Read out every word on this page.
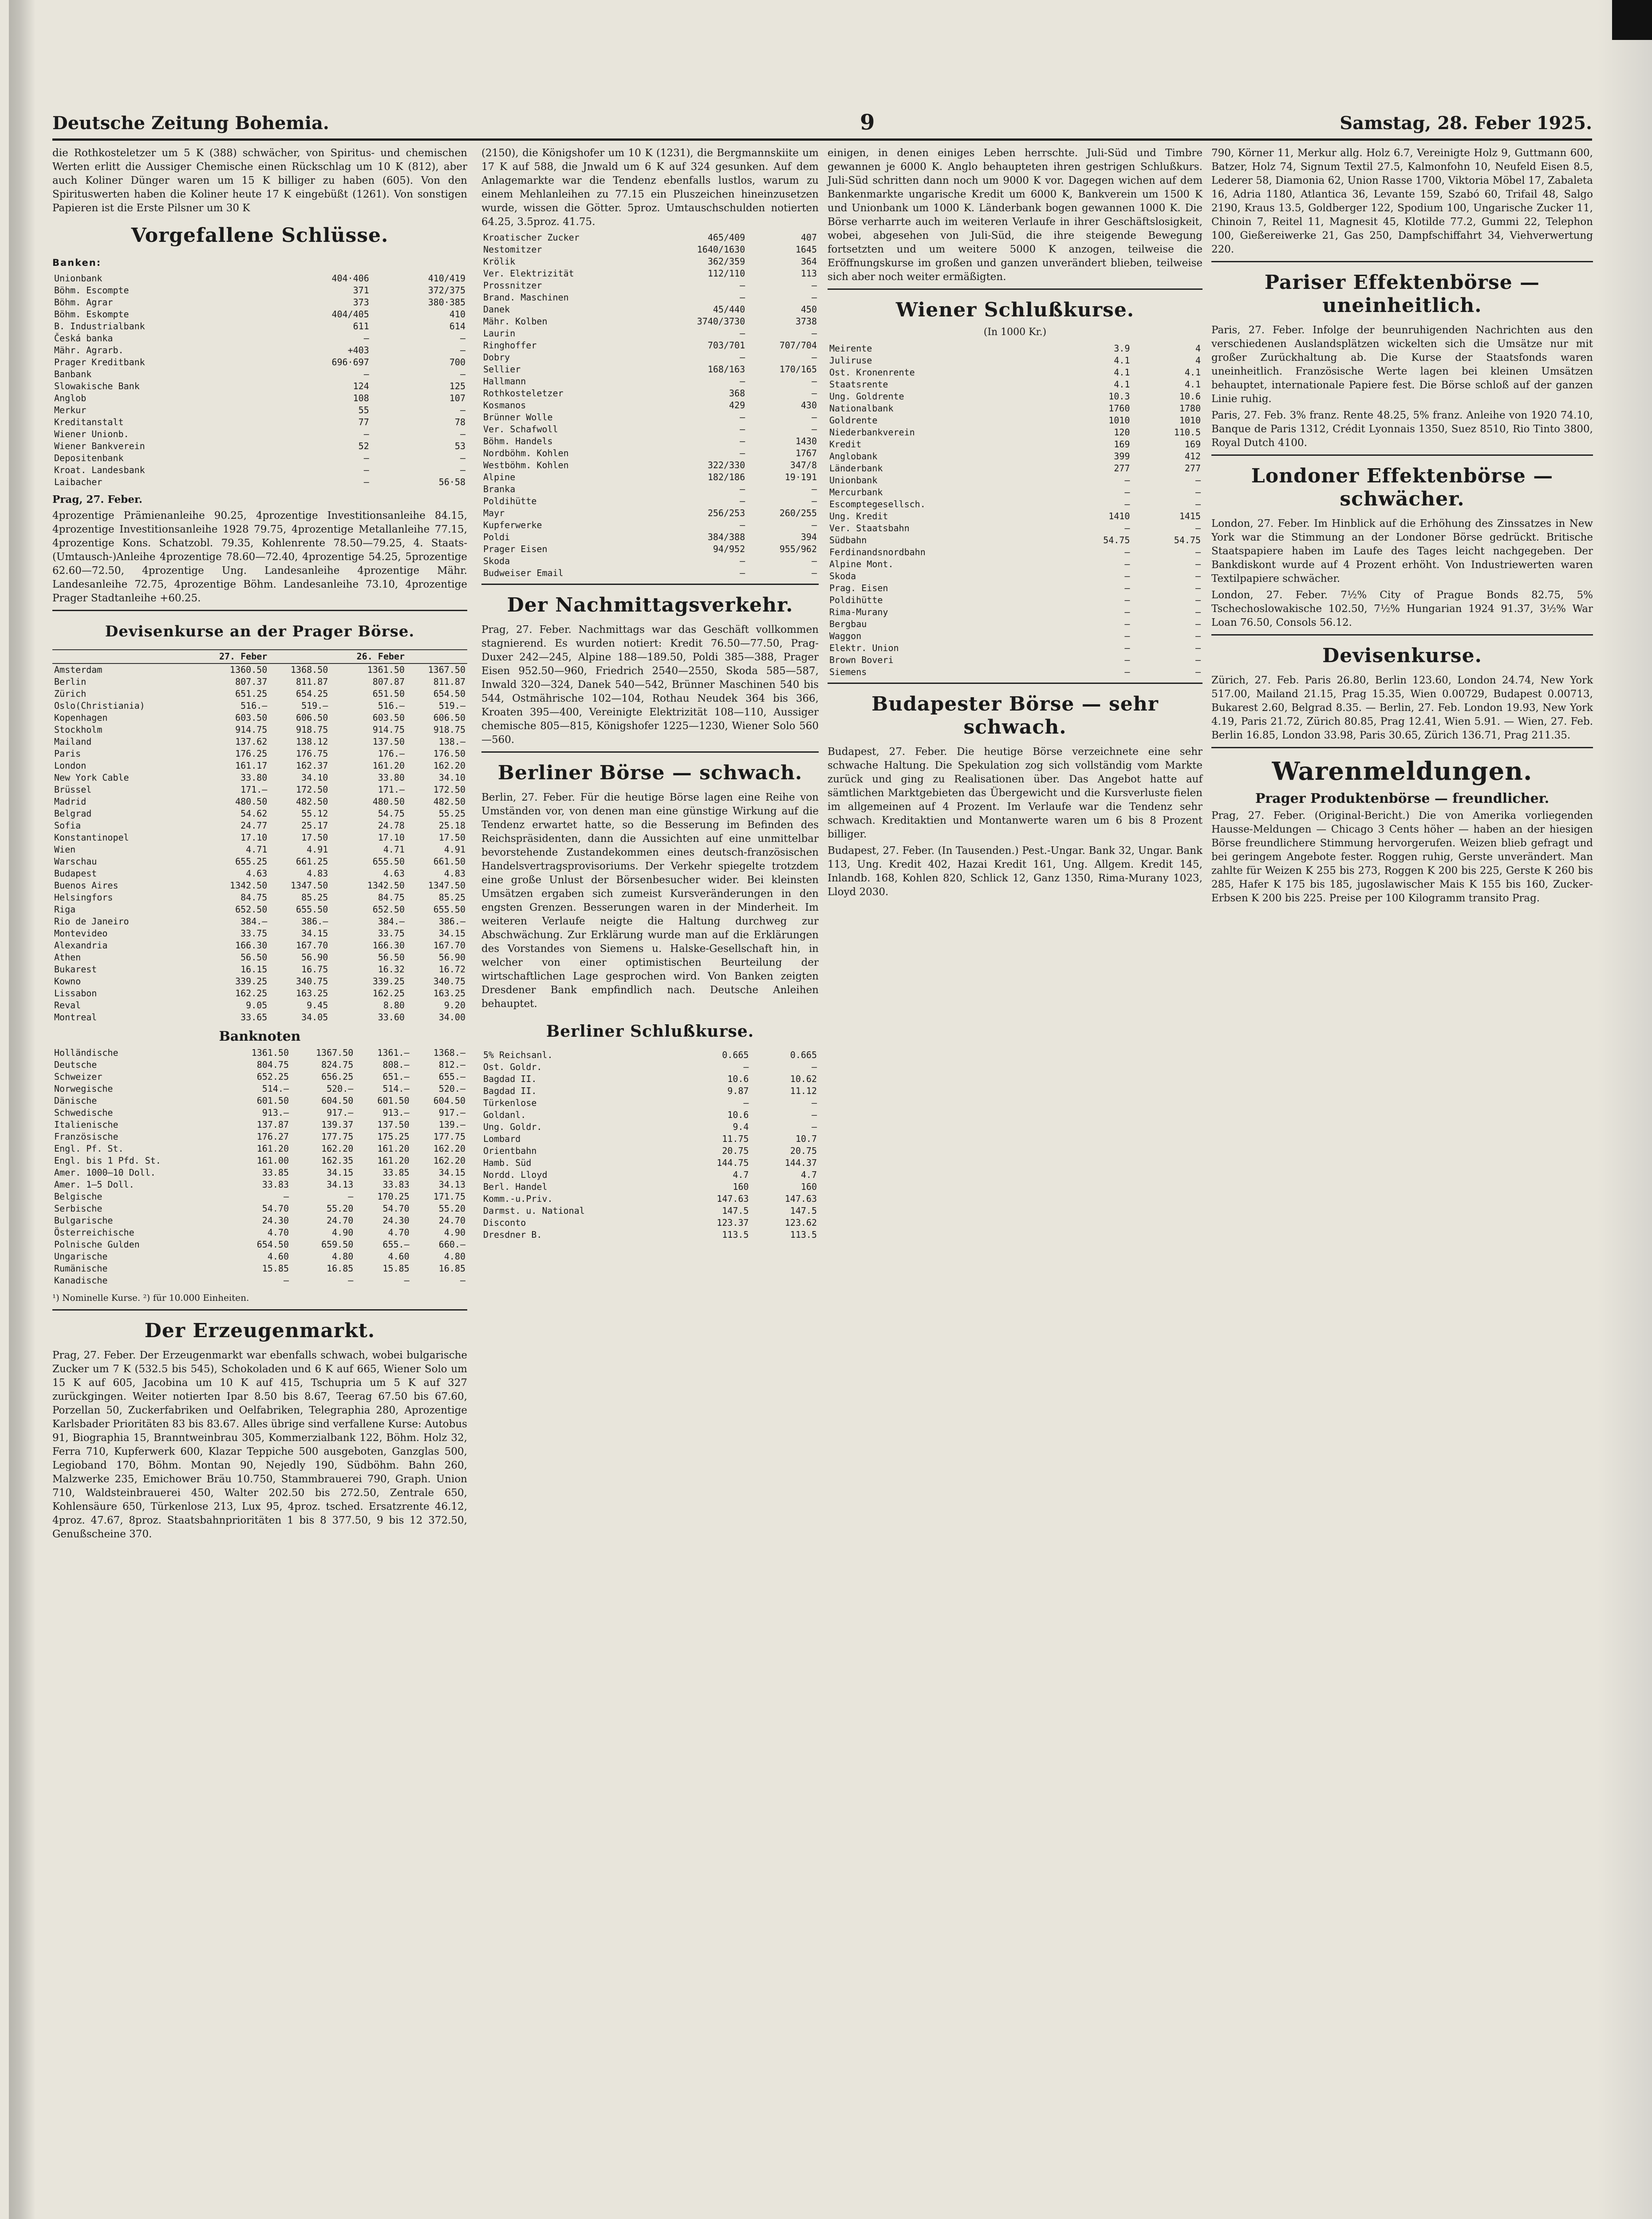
Deutsche Zeitung Bohemia.	9	Samstag, 28. Feber 1925.

die Rothkosteletzer um 5 K (388) schwächer, von Spiritus- und chemischen Werten erlitt die Aussiger Chemische einen Rückschlag um 10 K (812), aber auch Koliner Dünger waren um 15 K billiger zu haben (605). Von den Spirituswerten haben die Koliner heute 17 K eingebüßt (1261). Von sonstigen Papieren ist die Erste Pilsner um 30 K

Vorgefallene Schlüsse.
Banken:
Unionbank	404·406	410/419
Böhm. Escompte	371	372/375
Böhm. Agrar	373	380·385
Böhm. Eskompte	404/405	410
B. Industrialbank	611	614
Česká banka	—	—
Mähr. Agrarb.	+403	—
Prager Kreditbank	696·697	700
Banbank	—	—
Slowakische Bank	124	125
Anglob	108	107
Merkur	55	—
Kreditanstalt	77	78
Wiener Unionb.	—	—
Wiener Bankverein	52	53
Depositenbank	—	—
Kroat. Landesbank	—	—
Laibacher	—	56·58

Prag, 27. Feber.

4prozentige Prämienanleihe 90.25, 4prozentige Investitionsanleihe 84.15, 4prozentige Investitionsanleihe 1928 79.75, 4prozentige Metallanleihe 77.15, 4prozentige Kons. Schatzobl. 79.35, Kohlenrente 78.50—79.25, 4. Staats-(Umtausch-)Anleihe 4prozentige 78.60—72.40, 4prozentige 54.25, 5prozentige 62.60—72.50, 4prozentige Ung. Landesanleihe 4prozentige Mähr. Landesanleihe 72.75, 4prozentige Böhm. Landesanleihe 73.10, 4prozentige Prager Stadtanleihe +60.25.

Devisenkurse an der Prager Börse.
	27. Feber		26. Feber	
Amsterdam	1360.50	1368.50	1361.50	1367.50
Berlin	807.37	811.87	807.87	811.87
Zürich	651.25	654.25	651.50	654.50
Oslo(Christiania)	516.—	519.—	516.—	519.—
Kopenhagen	603.50	606.50	603.50	606.50
Stockholm	914.75	918.75	914.75	918.75
Mailand	137.62	138.12	137.50	138.—
Paris	176.25	176.75	176.—	176.50
London	161.17	162.37	161.20	162.20
New York Cable	33.80	34.10	33.80	34.10
Brüssel	171.—	172.50	171.—	172.50
Madrid	480.50	482.50	480.50	482.50
Belgrad	54.62	55.12	54.75	55.25
Sofia	24.77	25.17	24.78	25.18
Konstantinopel	17.10	17.50	17.10	17.50
Wien	4.71	4.91	4.71	4.91
Warschau	655.25	661.25	655.50	661.50
Budapest	4.63	4.83	4.63	4.83
Buenos Aires	1342.50	1347.50	1342.50	1347.50
Helsingfors	84.75	85.25	84.75	85.25
Riga	652.50	655.50	652.50	655.50
Rio de Janeiro	384.—	386.—	384.—	386.—
Montevideo	33.75	34.15	33.75	34.15
Alexandria	166.30	167.70	166.30	167.70
Athen	56.50	56.90	56.50	56.90
Bukarest	16.15	16.75	16.32	16.72
Kowno	339.25	340.75	339.25	340.75
Lissabon	162.25	163.25	162.25	163.25
Reval	9.05	9.45	8.80	9.20
Montreal	33.65	34.05	33.60	34.00
Banknoten
Holländische	1361.50	1367.50	1361.—	1368.—
Deutsche	804.75	824.75	808.—	812.—
Schweizer	652.25	656.25	651.—	655.—
Norwegische	514.—	520.—	514.—	520.—
Dänische	601.50	604.50	601.50	604.50
Schwedische	913.—	917.—	913.—	917.—
Italienische	137.87	139.37	137.50	139.—
Französische	176.27	177.75	175.25	177.75
Engl. Pf. St.	161.20	162.20	161.20	162.20
Engl. bis 1 Pfd. St.	161.00	162.35	161.20	162.20
Amer. 1000—10 Doll.	33.85	34.15	33.85	34.15
Amer. 1—5 Doll.	33.83	34.13	33.83	34.13
Belgische	—	—	170.25	171.75
Serbische	54.70	55.20	54.70	55.20
Bulgarische	24.30	24.70	24.30	24.70
Österreichische	4.70	4.90	4.70	4.90
Polnische Gulden	654.50	659.50	655.—	660.—
Ungarische	4.60	4.80	4.60	4.80
Rumänische	15.85	16.85	15.85	16.85
Kanadische	—	—	—	—
¹) Nominelle Kurse. ²) für 10.000 Einheiten.
Der Erzeugenmarkt.

Prag, 27. Feber. Der Erzeugenmarkt war ebenfalls schwach, wobei bulgarische Zucker um 7 K (532.5 bis 545), Schokoladen und 6 K auf 665, Wiener Solo um 15 K auf 605, Jacobina um 10 K auf 415, Tschupria um 5 K auf 327 zurückgingen. Weiter notierten Ipar 8.50 bis 8.67, Teerag 67.50 bis 67.60, Porzellan 50, Zuckerfabriken und Oelfabriken, Telegraphia 280, Aprozentige Karlsbader Prioritäten 83 bis 83.67. Alles übrige sind verfallene Kurse: Autobus 91, Biographia 15, Branntweinbrau 305, Kommerzialbank 122, Böhm. Holz 32, Ferra 710, Kupferwerk 600, Klazar Teppiche 500 ausgeboten, Ganzglas 500, Legioband 170, Böhm. Montan 90, Nejedly 190, Südböhm. Bahn 260, Malzwerke 235, Emichower Bräu 10.750, Stammbrauerei 790, Graph. Union 710, Waldsteinbrauerei 450, Walter 202.50 bis 272.50, Zentrale 650, Kohlensäure 650, Türkenlose 213, Lux 95, 4proz. tsched. Ersatzrente 46.12, 4proz. 47.67, 8proz. Staatsbahnprioritäten 1 bis 8 377.50, 9 bis 12 372.50, Genußscheine 370.

(2150), die Königshofer um 10 K (1231), die Bergmannskiite um 17 K auf 588, die Jnwald um 6 K auf 324 gesunken. Auf dem Anlagemarkte war die Tendenz ebenfalls lustlos, warum zu einem Mehlanleihen zu 77.15 ein Pluszeichen hineinzusetzen wurde, wissen die Götter. 5proz. Umtauschschulden notierten 64.25, 3.5proz. 41.75.

Kroatischer Zucker	465/409	407
Nestomitzer	1640/1630	1645
Krölik	362/359	364
Ver. Elektrizität	112/110	113
Prossnitzer	—	—
Brand. Maschinen	—	—
Danek	45/440	450
Mähr. Kolben	3740/3730	3738
Laurin	—	—
Ringhoffer	703/701	707/704
Dobry	—	—
Sellier	168/163	170/165
Hallmann	—	—
Rothkosteletzer	368	—
Kosmanos	429	430
Brünner Wolle	—	—
Ver. Schafwoll	—	—
Böhm. Handels	—	1430
Nordböhm. Kohlen	—	1767
Westböhm. Kohlen	322/330	347/8
Alpine	182/186	19·191
Branka	—	—
Poldihütte	—	—
Mayr	256/253	260/255
Kupferwerke	—	—
Poldi	384/388	394
Prager Eisen	94/952	955/962
Skoda	—	—
Budweiser Email	—	—
Der Nachmittagsverkehr.

Prag, 27. Feber. Nachmittags war das Geschäft vollkommen stagnierend. Es wurden notiert: Kredit 76.50—77.50, Prag-Duxer 242—245, Alpine 188—189.50, Poldi 385—388, Prager Eisen 952.50—960, Friedrich 2540—2550, Skoda 585—587, Inwald 320—324, Danek 540—542, Brünner Maschinen 540 bis 544, Ostmährische 102—104, Rothau Neudek 364 bis 366, Kroaten 395—400, Vereinigte Elektrizität 108—110, Aussiger chemische 805—815, Königshofer 1225—1230, Wiener Solo 560—560.

Berliner Börse — schwach.

Berlin, 27. Feber. Für die heutige Börse lagen eine Reihe von Umständen vor, von denen man eine günstige Wirkung auf die Tendenz erwartet hatte, so die Besserung im Befinden des Reichspräsidenten, dann die Aussichten auf eine unmittelbar bevorstehende Zustandekommen eines deutsch-französischen Handelsvertragsprovisoriums. Der Verkehr spiegelte trotzdem eine große Unlust der Börsenbesucher wider. Bei kleinsten Umsätzen ergaben sich zumeist Kursveränderungen in den engsten Grenzen. Besserungen waren in der Minderheit. Im weiteren Verlaufe neigte die Haltung durchweg zur Abschwächung. Zur Erklärung wurde man auf die Erklärungen des Vorstandes von Siemens u. Halske-Gesellschaft hin, in welcher von einer optimistischen Beurteilung der wirtschaftlichen Lage gesprochen wird. Von Banken zeigten Dresdener Bank empfindlich nach. Deutsche Anleihen behauptet.

Berliner Schlußkurse.
5% Reichsanl.	0.665	0.665
Ost. Goldr.	—	—
Bagdad II.	10.6	10.62
Bagdad II.	9.87	11.12
Türkenlose	—	—
Goldanl.	10.6	—
Ung. Goldr.	9.4	—
Lombard	11.75	10.7
Orientbahn	20.75	20.75
Hamb. Süd	144.75	144.37
Nordd. Lloyd	4.7	4.7
Berl. Handel	160	160
Komm.-u.Priv.	147.63	147.63
Darmst. u. National	147.5	147.5
Disconto	123.37	123.62
Dresdner B.	113.5	113.5

einigen, in denen einiges Leben herrschte. Juli-Süd und Timbre gewannen je 6000 K. Anglo behaupteten ihren gestrigen Schlußkurs. Juli-Süd schritten dann noch um 9000 K vor. Dagegen wichen auf dem Bankenmarkte ungarische Kredit um 6000 K, Bankverein um 1500 K und Unionbank um 1000 K. Länderbank bogen gewannen 1000 K. Die Börse verharrte auch im weiteren Verlaufe in ihrer Geschäftslosigkeit, wobei, abgesehen von Juli-Süd, die ihre steigende Bewegung fortsetzten und um weitere 5000 K anzogen, teilweise die Eröffnungskurse im großen und ganzen unverändert blieben, teilweise sich aber noch weiter ermäßigten.

Wiener Schlußkurse.
(In 1000 Kr.)
Meirente	3.9	4
Juliruse	4.1	4
Ost. Kronenrente	4.1	4.1
Staatsrente	4.1	4.1
Ung. Goldrente	10.3	10.6
Nationalbank	1760	1780
Goldrente	1010	1010
Niederbankverein	120	110.5
Kredit	169	169
Anglobank	399	412
Länderbank	277	277
Unionbank	—	—
Mercurbank	—	—
Escomptegesellsch.	—	—
Ung. Kredit	1410	1415
Ver. Staatsbahn	—	—
Südbahn	54.75	54.75
Ferdinandsnordbahn	—	—
Alpine Mont.	—	—
Skoda	—	—
Prag. Eisen	—	—
Poldihütte	—	—
Rima-Murany	—	—
Bergbau	—	—
Waggon	—	—
Elektr. Union	—	—
Brown Boveri	—	—
Siemens	—	—
Budapester Börse — sehr schwach.

Budapest, 27. Feber. Die heutige Börse verzeichnete eine sehr schwache Haltung. Die Spekulation zog sich vollständig vom Markte zurück und ging zu Realisationen über. Das Angebot hatte auf sämtlichen Marktgebieten das Übergewicht und die Kursverluste fielen im allgemeinen auf 4 Prozent. Im Verlaufe war die Tendenz sehr schwach. Kreditaktien und Montanwerte waren um 6 bis 8 Prozent billiger.

Budapest, 27. Feber. (In Tausenden.) Pest.-Ungar. Bank 32, Ungar. Bank 113, Ung. Kredit 402, Hazai Kredit 161, Ung. Allgem. Kredit 145, Inlandb. 168, Kohlen 820, Schlick 12, Ganz 1350, Rima-Murany 1023, Lloyd 2030.

790, Körner 11, Merkur allg. Holz 6.7, Vereinigte Holz 9, Guttmann 600, Batzer, Holz 74, Signum Textil 27.5, Kalmonfohn 10, Neufeld Eisen 8.5, Lederer 58, Diamonia 62, Union Rasse 1700, Viktoria Möbel 17, Zabaleta 16, Adria 1180, Atlantica 36, Levante 159, Szabó 60, Trifail 48, Salgo 2190, Kraus 13.5, Goldberger 122, Spodium 100, Ungarische Zucker 11, Chinoin 7, Reitel 11, Magnesit 45, Klotilde 77.2, Gummi 22, Telephon 100, Gießereiwerke 21, Gas 250, Dampfschiffahrt 34, Viehverwertung 220.

Pariser Effektenbörse — uneinheitlich.

Paris, 27. Feber. Infolge der beunruhigenden Nachrichten aus den verschiedenen Auslandsplätzen wickelten sich die Umsätze nur mit großer Zurückhaltung ab. Die Kurse der Staatsfonds waren uneinheitlich. Französische Werte lagen bei kleinen Umsätzen behauptet, internationale Papiere fest. Die Börse schloß auf der ganzen Linie ruhig.

Paris, 27. Feb. 3% franz. Rente 48.25, 5% franz. Anleihe von 1920 74.10, Banque de Paris 1312, Crédit Lyonnais 1350, Suez 8510, Rio Tinto 3800, Royal Dutch 4100.

Londoner Effektenbörse — schwächer.

London, 27. Feber. Im Hinblick auf die Erhöhung des Zinssatzes in New York war die Stimmung an der Londoner Börse gedrückt. Britische Staatspapiere haben im Laufe des Tages leicht nachgegeben. Der Bankdiskont wurde auf 4 Prozent erhöht. Von Industriewerten waren Textilpapiere schwächer.

London, 27. Feber. 7½% City of Prague Bonds 82.75, 5% Tschechoslowakische 102.50, 7½% Hungarian 1924 91.37, 3½% War Loan 76.50, Consols 56.12.

Devisenkurse.

Zürich, 27. Feb. Paris 26.80, Berlin 123.60, London 24.74, New York 517.00, Mailand 21.15, Prag 15.35, Wien 0.00729, Budapest 0.00713, Bukarest 2.60, Belgrad 8.35. — Berlin, 27. Feb. London 19.93, New York 4.19, Paris 21.72, Zürich 80.85, Prag 12.41, Wien 5.91. — Wien, 27. Feb. Berlin 16.85, London 33.98, Paris 30.65, Zürich 136.71, Prag 211.35.

Warenmeldungen.
Prager Produktenbörse — freundlicher.

Prag, 27. Feber. (Original-Bericht.) Die von Amerika vorliegenden Hausse-Meldungen — Chicago 3 Cents höher — haben an der hiesigen Börse freundlichere Stimmung hervorgerufen. Weizen blieb gefragt und bei geringem Angebote fester. Roggen ruhig, Gerste unverändert. Man zahlte für Weizen K 255 bis 273, Roggen K 200 bis 225, Gerste K 260 bis 285, Hafer K 175 bis 185, jugoslawischer Mais K 155 bis 160, Zucker-Erbsen K 200 bis 225. Preise per 100 Kilogramm transito Prag.
